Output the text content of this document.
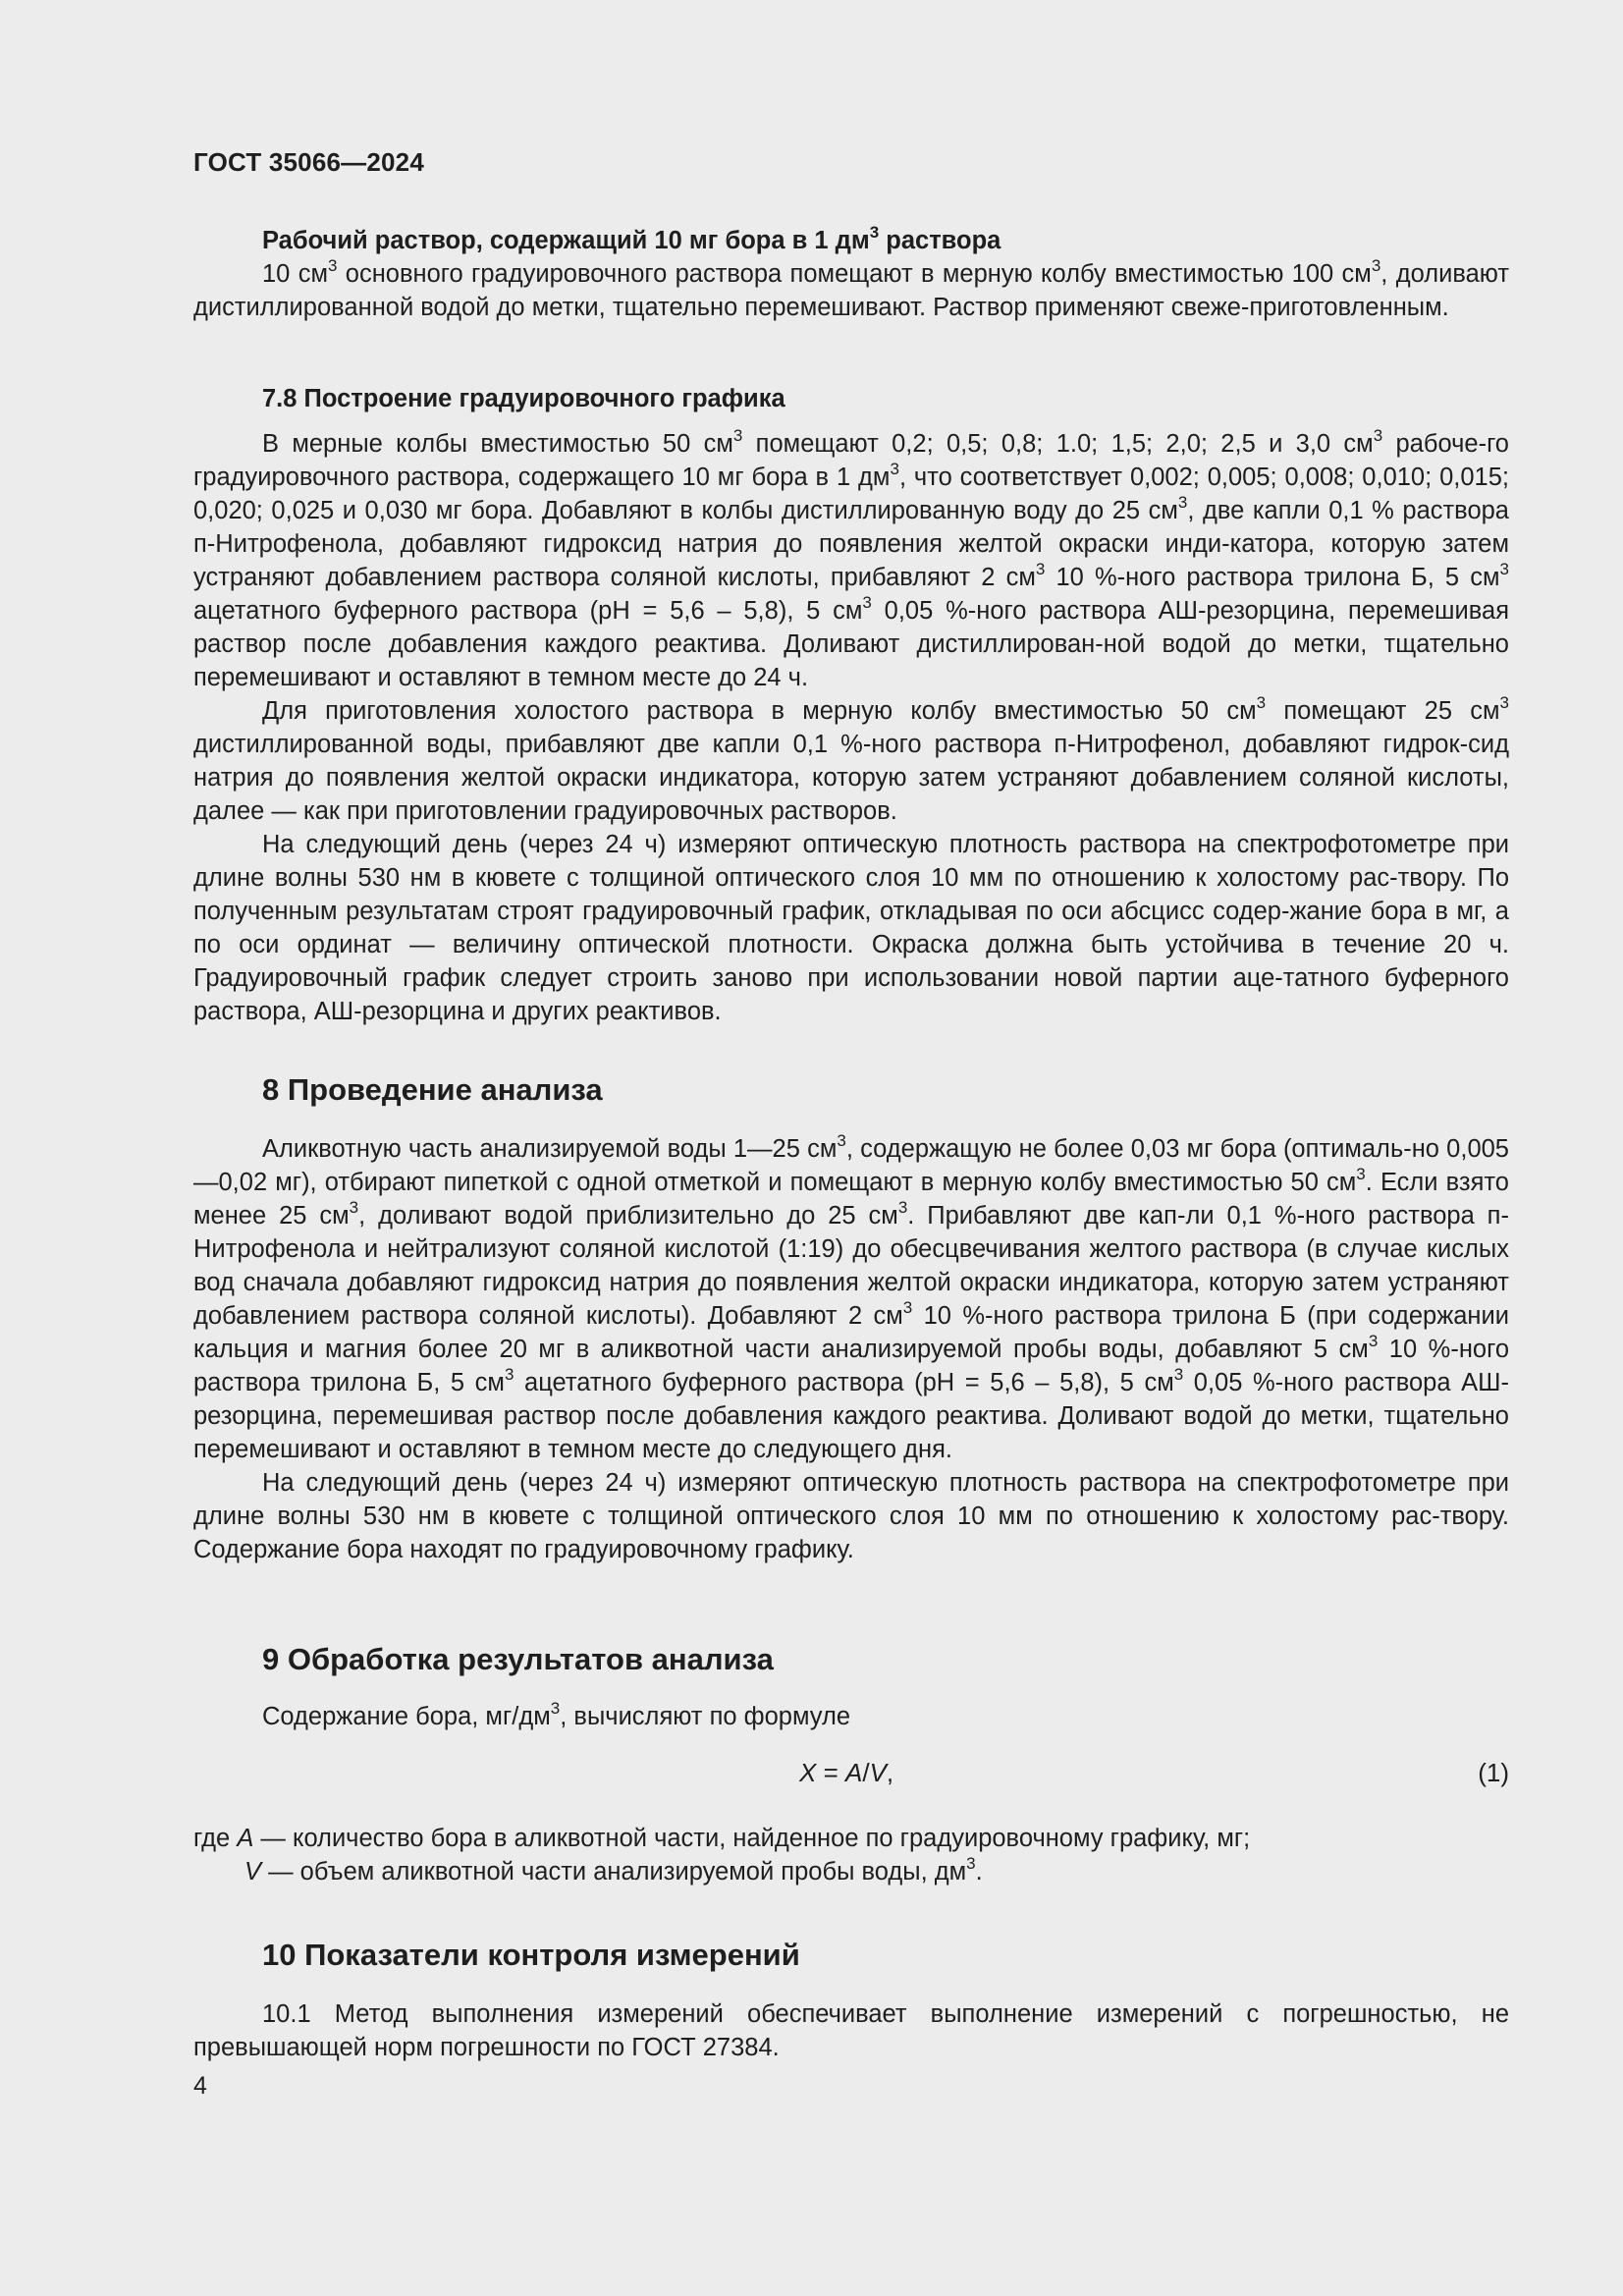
ГОСТ 35066—2024
Рабочий раствор, содержащий 10 мг бора в 1 $дм^3$ раствора

10 $см^3$ основного градуировочного раствора помещают в мерную колбу вместимостью 100 $см^3$, доливают дистиллированной водой до метки, тщательно перемешивают. Раствор применяют свеже-приготовленным.

7.8 Построение градуировочного графика

В мерные колбы вместимостью 50 $см^3$ помещают 0,2; 0,5; 0,8; 1.0; 1,5; 2,0; 2,5 и 3,0 $см^3$ рабоче-го градуировочного раствора, содержащего 10 мг бора в 1 $дм^3$, что соответствует 0,002; 0,005; 0,008; 0,010; 0,015; 0,020; 0,025 и 0,030 мг бора. Добавляют в колбы дистиллированную воду до 25 $см^3$, две капли 0,1 % раствора п-Нитрофенола, добавляют гидроксид натрия до появления желтой окраски инди-катора, которую затем устраняют добавлением раствора соляной кислоты, прибавляют 2 $см^3$ 10 %-ного раствора трилона Б, 5 $см^3$ ацетатного буферного раствора (рН = 5,6 – 5,8), 5 $см^3$ 0,05 %-ного раствора АШ-резорцина, перемешивая раствор после добавления каждого реактива. Доливают дистиллирован-ной водой до метки, тщательно перемешивают и оставляют в темном месте до 24 ч.

Для приготовления холостого раствора в мерную колбу вместимостью 50 $см^3$ помещают 25 $см^3$ дистиллированной воды, прибавляют две капли 0,1 %-ного раствора п-Нитрофенол, добавляют гидрок-сид натрия до появления желтой окраски индикатора, которую затем устраняют добавлением соляной кислоты, далее — как при приготовлении градуировочных растворов.

На следующий день (через 24 ч) измеряют оптическую плотность раствора на спектрофотометре при длине волны 530 нм в кювете с толщиной оптического слоя 10 мм по отношению к холостому рас-твору. По полученным результатам строят градуировочный график, откладывая по оси абсцисс содер-жание бора в мг, а по оси ординат — величину оптической плотности. Окраска должна быть устойчива в течение 20 ч. Градуировочный график следует строить заново при использовании новой партии аце-татного буферного раствора, АШ-резорцина и других реактивов.

8 Проведение анализа

Аликвотную часть анализируемой воды 1—25 $см^3$, содержащую не более 0,03 мг бора (оптималь-но 0,005—0,02 мг), отбирают пипеткой с одной отметкой и помещают в мерную колбу вместимостью 50 $см^3$. Если взято менее 25 $см^3$, доливают водой приблизительно до 25 $см^3$. Прибавляют две кап-ли 0,1 %-ного раствора п-Нитрофенола и нейтрализуют соляной кислотой (1:19) до обесцвечивания желтого раствора (в случае кислых вод сначала добавляют гидроксид натрия до появления желтой окраски индикатора, которую затем устраняют добавлением раствора соляной кислоты). Добавляют 2 $см^3$ 10 %-ного раствора трилона Б (при содержании кальция и магния более 20 мг в аликвотной части анализируемой пробы воды, добавляют 5 $см^3$ 10 %-ного раствора трилона Б, 5 $см^3$ ацетатного буферного раствора (рН = 5,6 – 5,8), 5 $см^3$ 0,05 %-ного раствора АШ-резорцина, перемешивая раствор после добавления каждого реактива. Доливают водой до метки, тщательно перемешивают и оставляют в темном месте до следующего дня.

На следующий день (через 24 ч) измеряют оптическую плотность раствора на спектрофотометре при длине волны 530 нм в кювете с толщиной оптического слоя 10 мм по отношению к холостому рас-твору. Содержание бора находят по градуировочному графику.

9 Обработка результатов анализа

Содержание бора, $мг/дм^3$, вычисляют по формуле

X = A/V,	(1)
где A — количество бора в аликвотной части, найденное по градуировочному графику, мг;
V — объем аликвотной части анализируемой пробы воды, $дм^3$.
10 Показатели контроля измерений

10.1 Метод выполнения измерений обеспечивает выполнение измерений с погрешностью, не превышающей норм погрешности по ГОСТ 27384.

4
